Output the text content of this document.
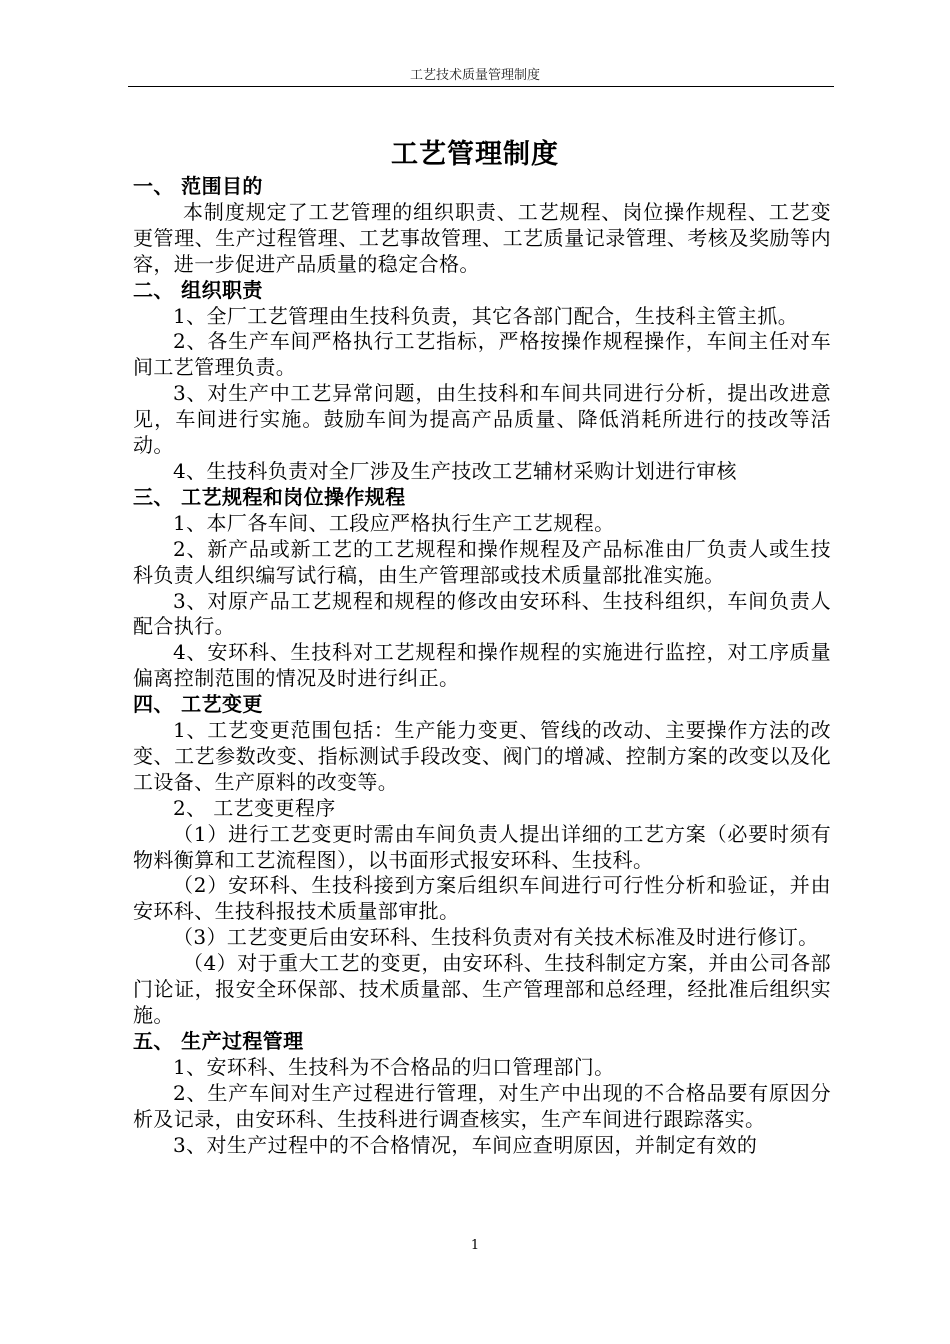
工艺技术质量管理制度
工艺管理制度
一、 范围目的

本制度规定了工艺管理的组织职责、工艺规程、岗位操作规程、工艺变更管理、生产过程管理、工艺事故管理、工艺质量记录管理、考核及奖励等内容，进一步促进产品质量的稳定合格。

二、 组织职责

1、全厂工艺管理由生技科负责，其它各部门配合，生技科主管主抓。

2、各生产车间严格执行工艺指标，严格按操作规程操作，车间主任对车间工艺管理负责。

3、对生产中工艺异常问题，由生技科和车间共同进行分析，提出改进意见，车间进行实施。鼓励车间为提高产品质量、降低消耗所进行的技改等活动。

4、生技科负责对全厂涉及生产技改工艺辅材采购计划进行审核

三、 工艺规程和岗位操作规程

1、本厂各车间、工段应严格执行生产工艺规程。

2、新产品或新工艺的工艺规程和操作规程及产品标准由厂负责人或生技科负责人组织编写试行稿，由生产管理部或技术质量部批准实施。

3、对原产品工艺规程和规程的修改由安环科、生技科组织，车间负责人配合执行。

4、安环科、生技科对工艺规程和操作规程的实施进行监控，对工序质量偏离控制范围的情况及时进行纠正。

四、 工艺变更

1、工艺变更范围包括：生产能力变更、管线的改动、主要操作方法的改变、工艺参数改变、指标测试手段改变、阀门的增减、控制方案的改变以及化工设备、生产原料的改变等。

2、 工艺变更程序

（1）进行工艺变更时需由车间负责人提出详细的工艺方案（必要时须有物料衡算和工艺流程图），以书面形式报安环科、生技科。

（2）安环科、生技科接到方案后组织车间进行可行性分析和验证，并由安环科、生技科报技术质量部审批。

（3）工艺变更后由安环科、生技科负责对有关技术标准及时进行修订。

（4）对于重大工艺的变更，由安环科、生技科制定方案，并由公司各部门论证，报安全环保部、技术质量部、生产管理部和总经理，经批准后组织实施。

五、 生产过程管理

1、安环科、生技科为不合格品的归口管理部门。

2、生产车间对生产过程进行管理，对生产中出现的不合格品要有原因分析及记录，由安环科、生技科进行调查核实，生产车间进行跟踪落实。

3、对生产过程中的不合格情况，车间应查明原因，并制定有效的

1
